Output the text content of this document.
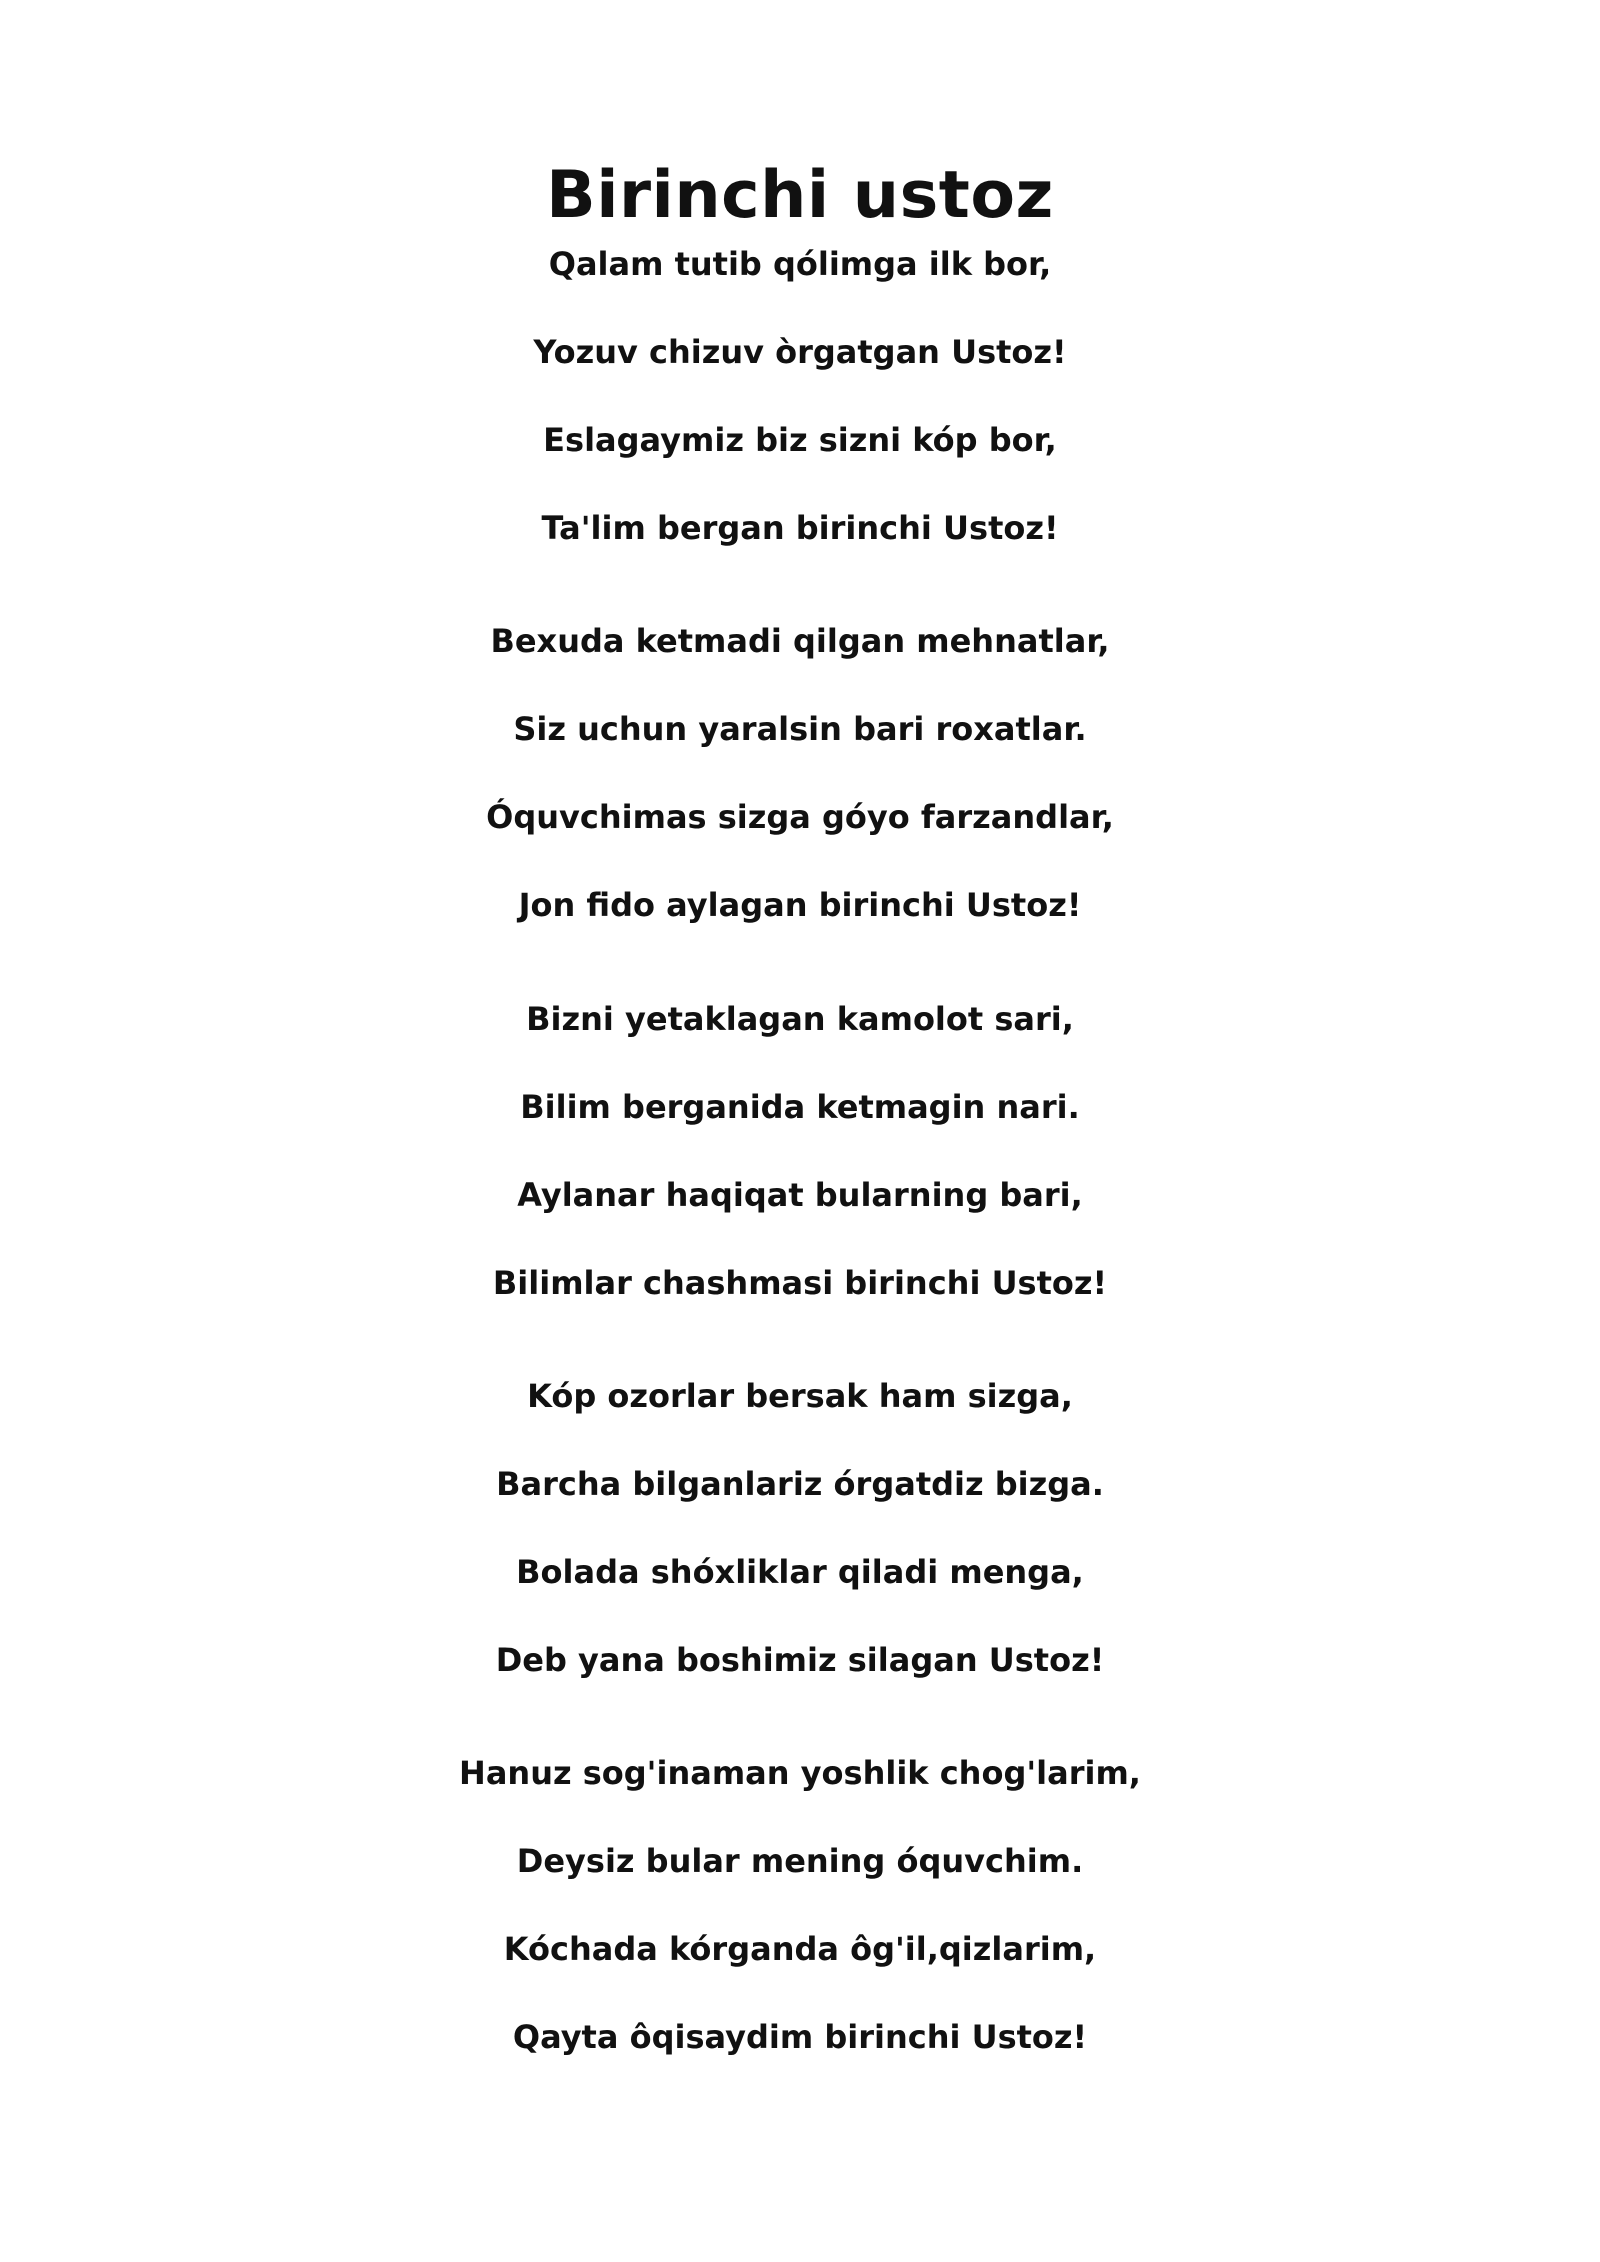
Birinchi ustoz
Qalam tutib qólimga ilk bor,
Yozuv chizuv òrgatgan Ustoz!
Eslagaymiz biz sizni kóp bor,
Ta'lim bergan birinchi Ustoz!
Bexuda ketmadi qilgan mehnatlar,
Siz uchun yaralsin bari roxatlar.
Óquvchimas sizga góyo farzandlar,
Jon fido aylagan birinchi Ustoz!
Bizni yetaklagan kamolot sari,
Bilim berganida ketmagin nari.
Aylanar haqiqat bularning bari,
Bilimlar chashmasi birinchi Ustoz!
Kóp ozorlar bersak ham sizga,
Barcha bilganlariz órgatdiz bizga.
Bolada shóxliklar qiladi menga,
Deb yana boshimiz silagan Ustoz!
Hanuz sog'inaman yoshlik chog'larim,
Deysiz bular mening óquvchim.
Kóchada kórganda ôg'il,qizlarim,
Qayta ôqisaydim birinchi Ustoz!
